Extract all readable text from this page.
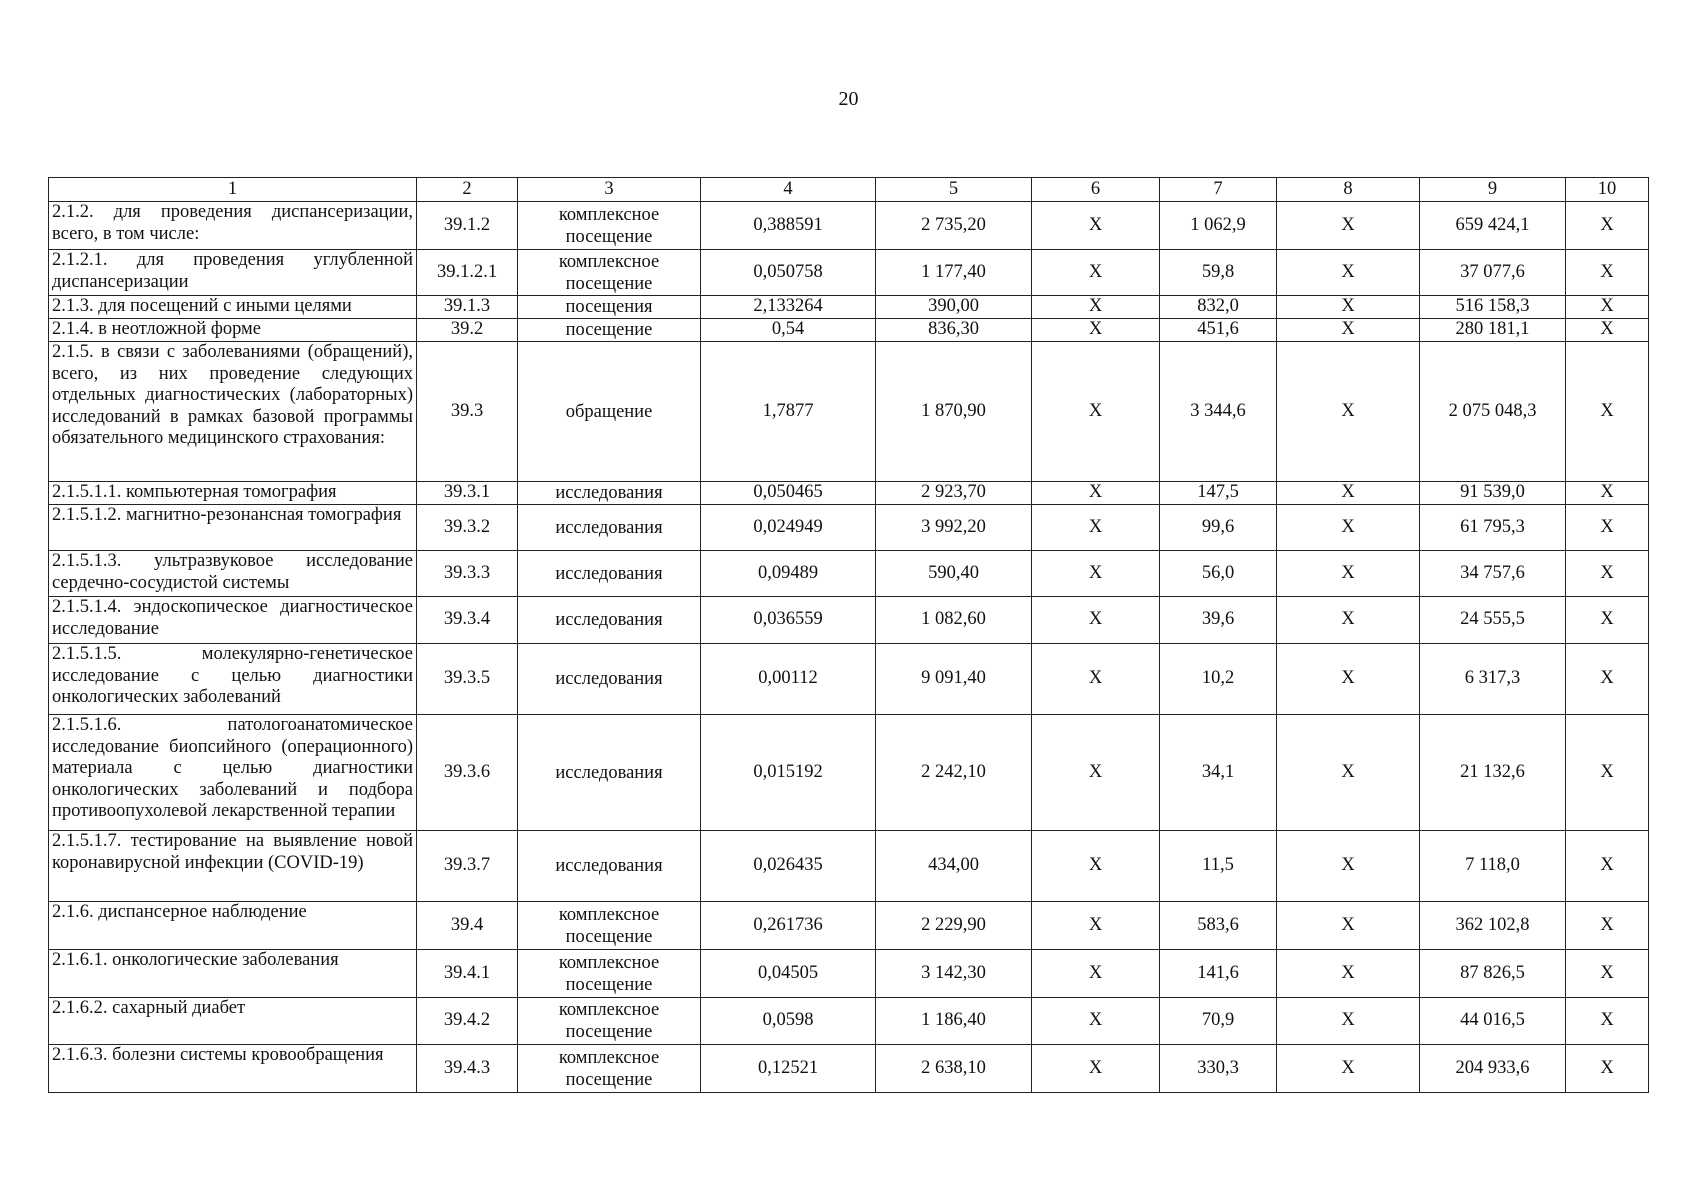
20
1	2	3	4	5	6	7	8	9	10
2.1.2. для проведения диспансеризации, всего, в том числе:	39.1.2	комплексное посещение	0,388591	2 735,20	Х	1 062,9	Х	659 424,1	Х
2.1.2.1. для проведения углубленной диспансеризации	39.1.2.1	комплексное посещение	0,050758	1 177,40	Х	59,8	Х	37 077,6	Х
2.1.3. для посещений с иными целями	39.1.3	посещения	2,133264	390,00	Х	832,0	Х	516 158,3	Х
2.1.4. в неотложной форме	39.2	посещение	0,54	836,30	Х	451,6	Х	280 181,1	Х
2.1.5. в связи с заболеваниями (обращений), всего, из них проведение следующих отдельных диагностических (лабораторных) исследований в рамках базовой программы обязательного медицинского страхования:	39.3	обращение	1,7877	1 870,90	Х	3 344,6	Х	2 075 048,3	Х
2.1.5.1.1. компьютерная томография	39.3.1	исследования	0,050465	2 923,70	Х	147,5	Х	91 539,0	Х
2.1.5.1.2. магнитно-резонансная томография	39.3.2	исследования	0,024949	3 992,20	Х	99,6	Х	61 795,3	Х
2.1.5.1.3. ультразвуковое исследование сердечно-сосудистой системы	39.3.3	исследования	0,09489	590,40	Х	56,0	Х	34 757,6	Х
2.1.5.1.4. эндоскопическое диагностическое исследование	39.3.4	исследования	0,036559	1 082,60	Х	39,6	Х	24 555,5	Х
2.1.5.1.5. молекулярно-генетическое исследование с целью диагностики онкологических заболеваний	39.3.5	исследования	0,00112	9 091,40	Х	10,2	Х	6 317,3	Х
2.1.5.1.6. патологоанатомическое исследование биопсийного (операционного) материала с целью диагностики онкологических заболеваний и подбора противоопухолевой лекарственной терапии	39.3.6	исследования	0,015192	2 242,10	Х	34,1	Х	21 132,6	Х
2.1.5.1.7. тестирование на выявление новой коронавирусной инфекции (COVID-19)	39.3.7	исследования	0,026435	434,00	Х	11,5	Х	7 118,0	Х
2.1.6. диспансерное наблюдение	39.4	комплексное посещение	0,261736	2 229,90	Х	583,6	Х	362 102,8	Х
2.1.6.1. онкологические заболевания	39.4.1	комплексное посещение	0,04505	3 142,30	Х	141,6	Х	87 826,5	Х
2.1.6.2. сахарный диабет	39.4.2	комплексное посещение	0,0598	1 186,40	Х	70,9	Х	44 016,5	Х
2.1.6.3. болезни системы кровообращения	39.4.3	комплексное посещение	0,12521	2 638,10	Х	330,3	Х	204 933,6	Х
